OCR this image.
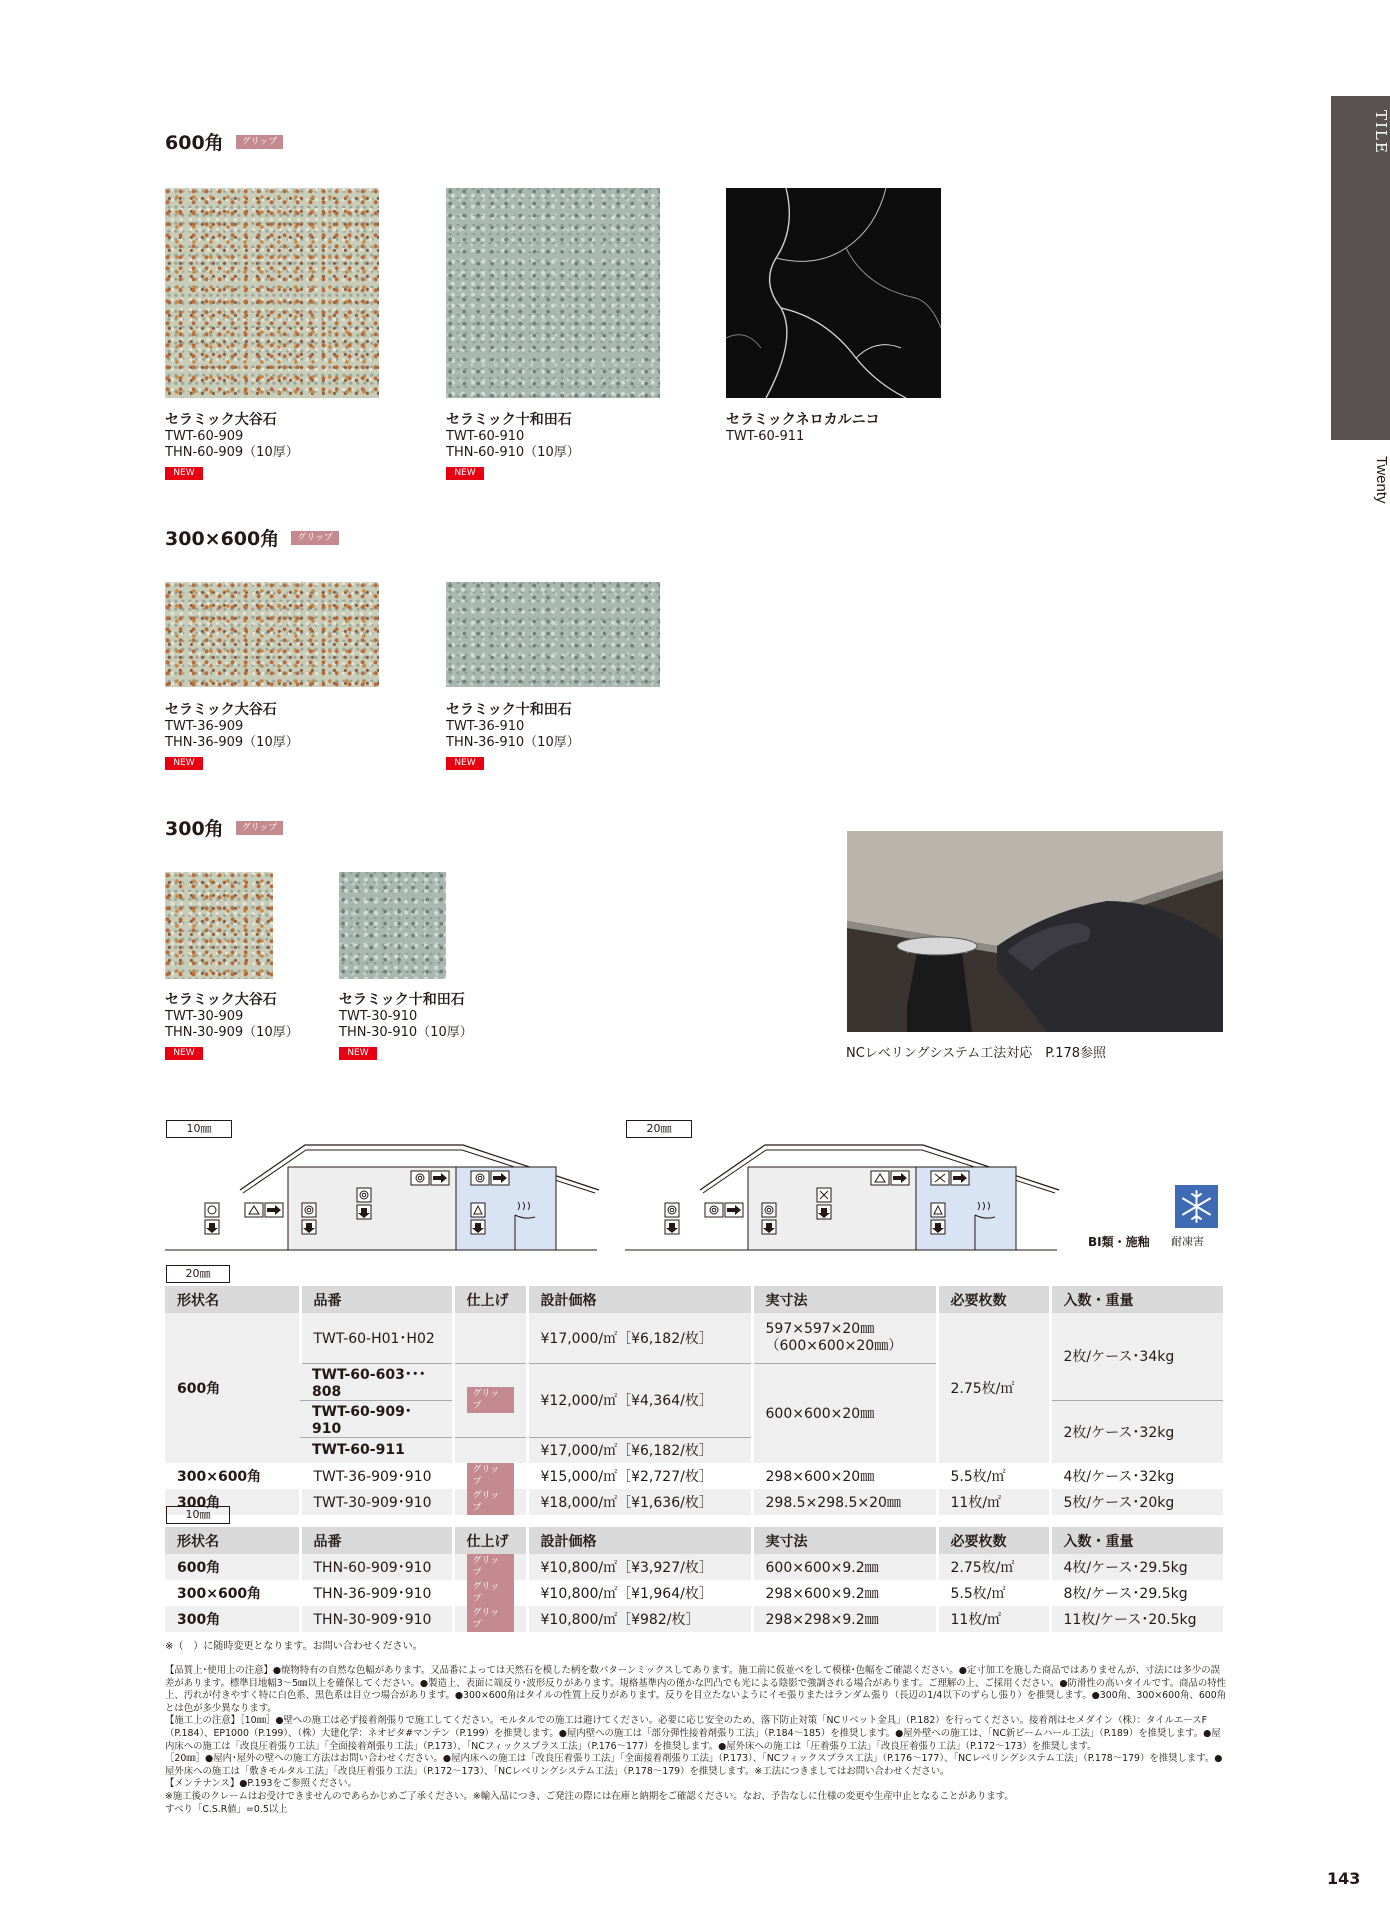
TILE
Twenty
600角	グリップ
セラミック大谷石
TWT-60-909
THN-60-909（10厚）
NEW
セラミック十和田石
TWT-60-910
THN-60-910（10厚）
NEW
セラミックネロカルニコ
TWT-60-911
300×600角	グリップ
セラミック大谷石
TWT-36-909
THN-36-909（10厚）
NEW
セラミック十和田石
TWT-36-910
THN-36-910（10厚）
NEW
300角	グリップ
セラミック大谷石
TWT-30-909
THN-30-909（10厚）
NEW
セラミック十和田石
TWT-30-910
THN-30-910（10厚）
NEW	NCレベリングシステム工法対応　P.178参照
10㎜	20㎜
BI類・施釉 耐凍害
20㎜
形状名	品番	仕上げ	設計価格	実寸法	必要枚数	入数・重量
600角	TWT-60-H01･H02		¥17,000/㎡［¥6,182/枚］	597×597×20㎜
（600×600×20㎜）	2.75枚/㎡	2枚/ケース･34kg
	TWT-60-603･･･808	グリップ	¥12,000/㎡［¥4,364/枚］	600×600×20㎜		
	TWT-60-909･910					2枚/ケース･32kg
	TWT-60-911		¥17,000/㎡［¥6,182/枚］			
300×600角	TWT-36-909･910	グリップ	¥15,000/㎡［¥2,727/枚］	298×600×20㎜	5.5枚/㎡	4枚/ケース･32kg
300角	TWT-30-909･910	グリップ	¥18,000/㎡［¥1,636/枚］	298.5×298.5×20㎜	11枚/㎡	5枚/ケース･20kg
10㎜
形状名	品番	仕上げ	設計価格	実寸法	必要枚数	入数・重量
600角	THN-60-909･910	グリップ	¥10,800/㎡［¥3,927/枚］	600×600×9.2㎜	2.75枚/㎡	4枚/ケース･29.5kg
300×600角	THN-36-909･910	グリップ	¥10,800/㎡［¥1,964/枚］	298×600×9.2㎜	5.5枚/㎡	8枚/ケース･29.5kg
300角	THN-30-909･910	グリップ	¥10,800/㎡［¥982/枚］	298×298×9.2㎜	11枚/㎡	11枚/ケース･20.5kg
※（　）に随時変更となります。お問い合わせください。
【品質上･使用上の注意】●焼物特有の自然な色幅があります。又品番によっては天然石を模した柄を数パターンミックスしてあります。施工前に仮並べをして模様･色幅をご確認ください。●定寸加工を施した商品ではありませんが、寸法には多少の誤差があります。標準目地幅3～5㎜以上を確保してください。●製造上、表面に端反り･波形反りがあります。規格基準内の僅かな凹凸でも光による陰影で強調される場合があります。ご理解の上、ご採用ください。●防滑性の高いタイルです。商品の特性上、汚れが付きやすく特に白色系、黒色系は目立つ場合があります。●300×600角はタイルの性質上反りがあります。反りを目立たないようにイモ張りまたはランダム張り（長辺の1/4以下のずらし張り）を推奨します。●300角、300×600角、600角とは色が多少異なります。
【施工上の注意】［10㎜］●壁への施工は必ず接着剤張りで施工してください。モルタルでの施工は避けてください。必要に応じ安全のため、落下防止対策「NCリベット金具」（P.182）を行ってください。接着剤はセメダイン（株）：タイルエースF（P.184）、EP1000（P.199）、（株）大建化学：ネオピタ#マンテン（P.199）を推奨します。●屋内壁への施工は「部分弾性接着剤張り工法」（P.184～185）を推奨します。●屋外壁への施工は、「NC新ビームハール工法」（P.189）を推奨します。●屋内床への施工は「改良圧着張り工法」「全面接着剤張り工法」（P.173）、「NCフィックスプラス工法」（P.176～177）を推奨します。●屋外床への施工は「圧着張り工法」「改良圧着張り工法」（P.172～173）を推奨します。
［20㎜］●屋内･屋外の壁への施工方法はお問い合わせください。●屋内床への施工は「改良圧着張り工法」「全面接着剤張り工法」（P.173）、「NCフィックスプラス工法」（P.176～177）、「NCレベリングシステム工法」（P.178～179）を推奨します。●屋外床への施工は「敷きモルタル工法」「改良圧着張り工法」（P.172～173）、「NCレベリングシステム工法」（P.178～179）を推奨します。※工法につきましてはお問い合わせください。
【メンテナンス】●P.193をご参照ください。
※施工後のクレームはお受けできませんのであらかじめご了承ください。※輸入品につき、ご発注の際には在庫と納期をご確認ください。なお、予告なしに仕様の変更や生産中止となることがあります。
すべり「C.S.R値」=0.5以上
143
